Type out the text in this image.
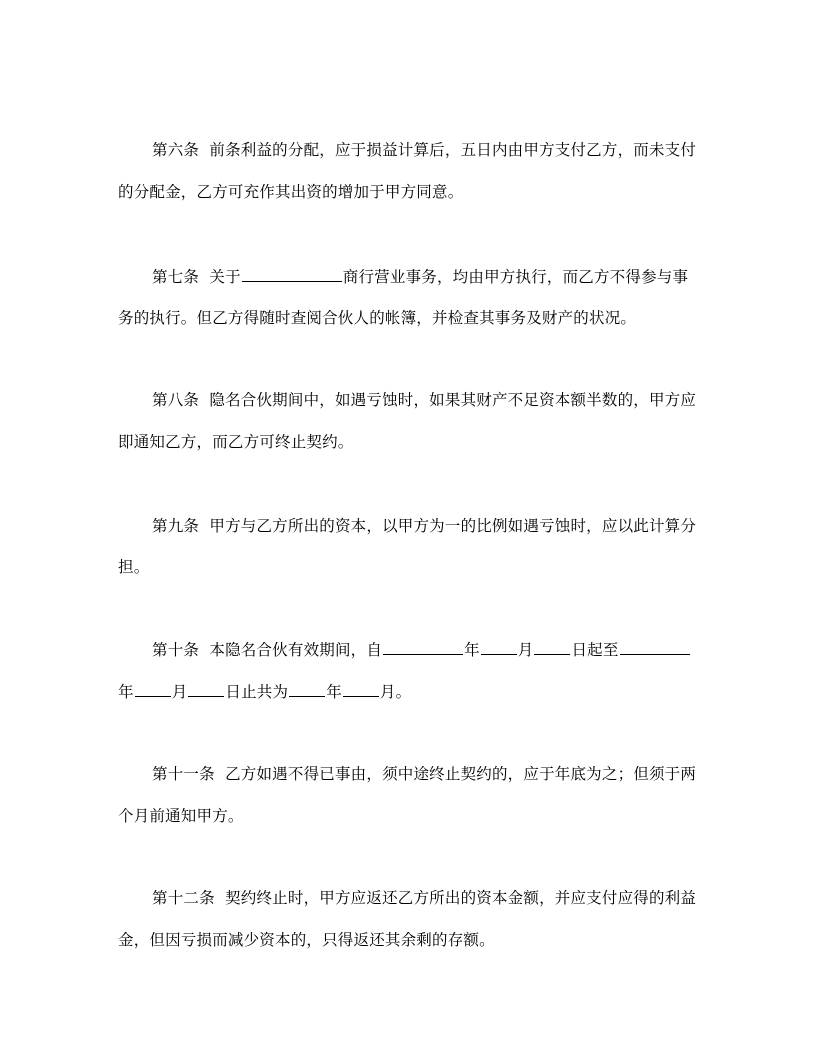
第六条 前条利益的分配，应于损益计算后，五日内由甲方支付乙方，而未支付
的分配金，乙方可充作其出资的增加于甲方同意。
第七条 关于	商行营业事务，均由甲方执行，而乙方不得参与事
务的执行。但乙方得随时查阅合伙人的帐簿，并检查其事务及财产的状况。
第八条 隐名合伙期间中，如遇亏蚀时，如果其财产不足资本额半数的，甲方应
即通知乙方，而乙方可终止契约。
第九条 甲方与乙方所出的资本，以甲方为一的比例如遇亏蚀时，应以此计算分
担。
第十条 本隐名合伙有效期间，自	年 月 日起至
年 月 日止共为 年 月。
第十一条 乙方如遇不得已事由，须中途终止契约的，应于年底为之；但须于两
个月前通知甲方。
第十二条 契约终止时，甲方应返还乙方所出的资本金额，并应支付应得的利益
金，但因亏损而减少资本的，只得返还其余剩的存额。
